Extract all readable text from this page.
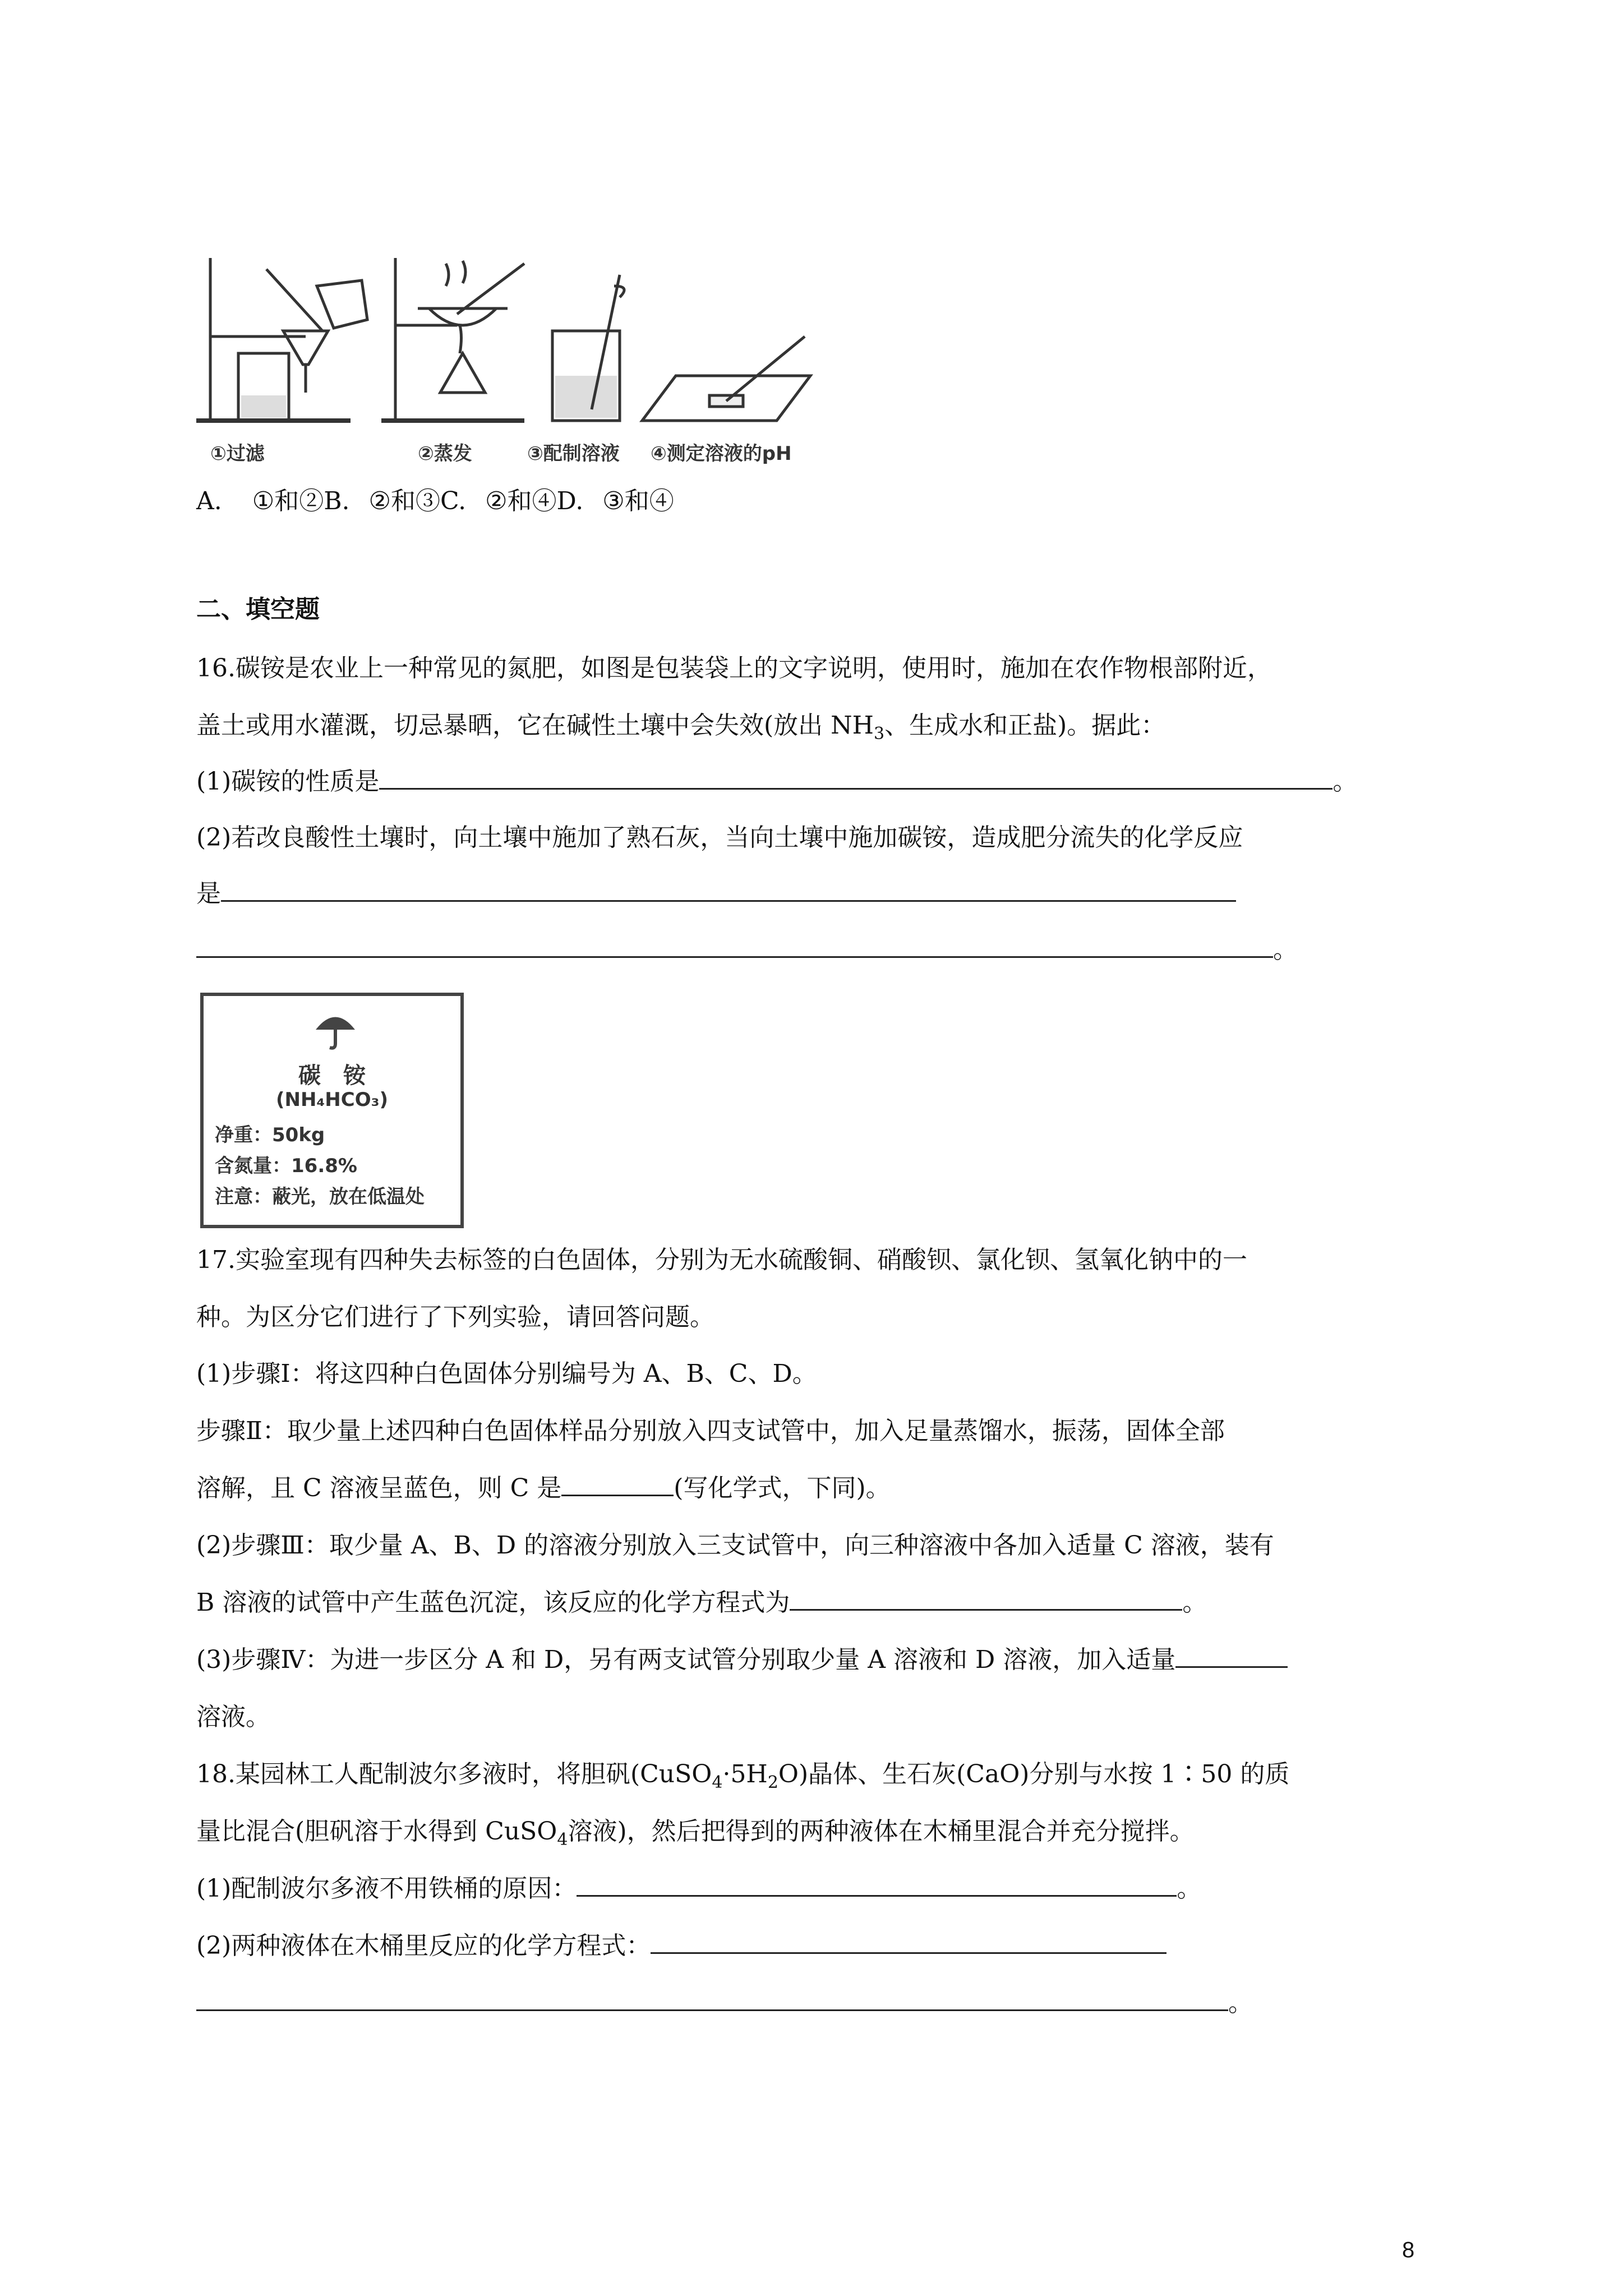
①过滤	②蒸发	③配制溶液 ④测定溶液的pH
A. ①和②B. ②和③C. ②和④D. ③和④
二、填空题
16.碳铵是农业上一种常见的氮肥，如图是包装袋上的文字说明，使用时，施加在农作物根部附近，
盖土或用水灌溉，切忌暴晒，它在碱性土壤中会失效(放出 $NH_3$、生成水和正盐)。据此：
(1)碳铵的性质是	。
(2)若改良酸性土壤时，向土壤中施加了熟石灰，当向土壤中施加碳铵，造成肥分流失的化学反应
是
。
碳　铵
(NH₄HCO₃)
净重：50kg
含氮量：16.8%
注意：蔽光，放在低温处
17.实验室现有四种失去标签的白色固体，分别为无水硫酸铜、硝酸钡、氯化钡、氢氧化钠中的一
种。为区分它们进行了下列实验，请回答问题。
(1)步骤Ⅰ：将这四种白色固体分别编号为 A、B、C、D。
步骤Ⅱ：取少量上述四种白色固体样品分别放入四支试管中，加入足量蒸馏水，振荡，固体全部
溶解，且 C 溶液呈蓝色，则 C 是	(写化学式，下同)。
(2)步骤Ⅲ：取少量 A、B、D 的溶液分别放入三支试管中，向三种溶液中各加入适量 C 溶液，装有
B 溶液的试管中产生蓝色沉淀，该反应的化学方程式为	。
(3)步骤Ⅳ：为进一步区分 A 和 D，另有两支试管分别取少量 A 溶液和 D 溶液，加入适量
溶液。
18.某园林工人配制波尔多液时，将胆矾$(CuSO_4\cdot 5H_2O)$晶体、生石灰(CaO)分别与水按 1∶50 的质
量比混合(胆矾溶于水得到 CuSO$_4$溶液)，然后把得到的两种液体在木桶里混合并充分搅拌。
(1)配制波尔多液不用铁桶的原因：	。
(2)两种液体在木桶里反应的化学方程式：
。
8
